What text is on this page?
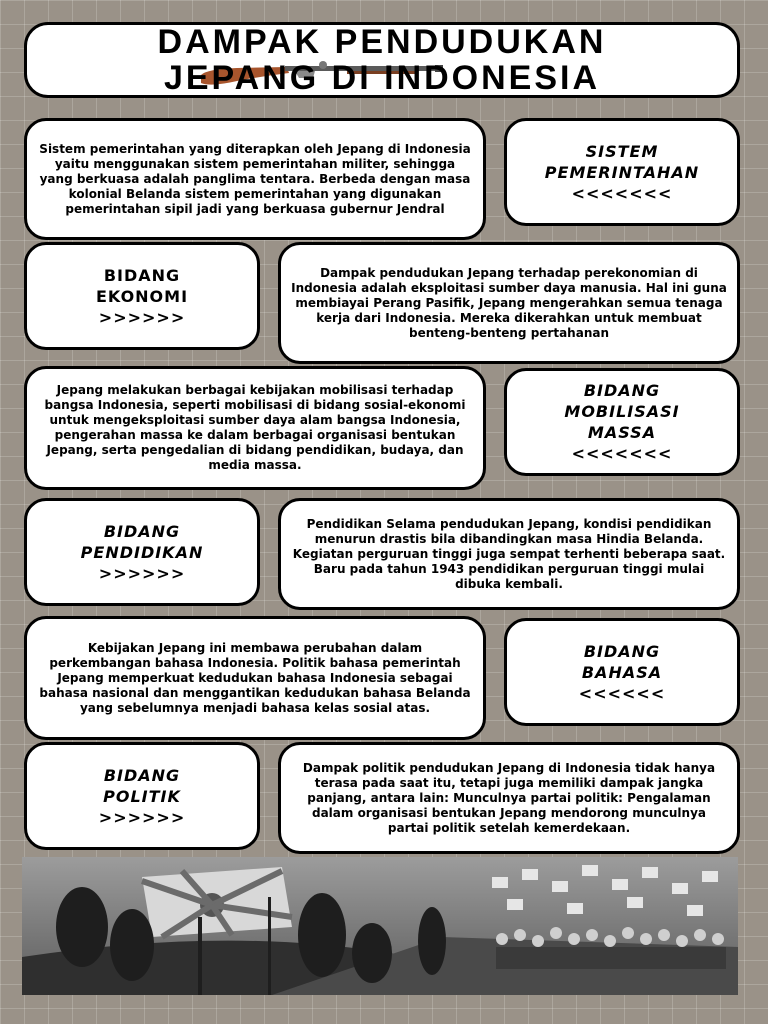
DAMPAK PENDUDUKAN
JEPANG DI INDONESIA
Sistem pemerintahan yang diterapkan oleh Jepang di Indonesia yaitu menggunakan sistem pemerintahan militer, sehingga yang berkuasa adalah panglima tentara. Berbeda dengan masa kolonial Belanda sistem pemerintahan yang digunakan pemerintahan sipil jadi yang berkuasa gubernur Jendral
SISTEM
PEMERINTAHAN
<<<<<<<
BIDANG
EKONOMI
>>>>>>
Dampak pendudukan Jepang terhadap perekonomian di Indonesia adalah eksploitasi sumber daya manusia. Hal ini guna membiayai Perang Pasifik, Jepang mengerahkan semua tenaga kerja dari Indonesia. Mereka dikerahkan untuk membuat benteng-benteng pertahanan
Jepang melakukan berbagai kebijakan mobilisasi terhadap bangsa Indonesia, seperti mobilisasi di bidang sosial-ekonomi untuk mengeksploitasi sumber daya alam bangsa Indonesia, pengerahan massa ke dalam berbagai organisasi bentukan Jepang, serta pengedalian di bidang pendidikan, budaya, dan media massa.
BIDANG
MOBILISASI
MASSA
<<<<<<<
BIDANG
PENDIDIKAN
>>>>>>
Pendidikan Selama pendudukan Jepang, kondisi pendidikan menurun drastis bila dibandingkan masa Hindia Belanda. Kegiatan perguruan tinggi juga sempat terhenti beberapa saat. Baru pada tahun 1943 pendidikan perguruan tinggi mulai dibuka kembali.
Kebijakan Jepang ini membawa perubahan dalam perkembangan bahasa Indonesia. Politik bahasa pemerintah Jepang memperkuat kedudukan bahasa Indonesia sebagai bahasa nasional dan menggantikan kedudukan bahasa Belanda yang sebelumnya menjadi bahasa kelas sosial atas.
BIDANG
BAHASA
<<<<<<
BIDANG
POLITIK
>>>>>>
Dampak politik pendudukan Jepang di Indonesia tidak hanya terasa pada saat itu, tetapi juga memiliki dampak jangka panjang, antara lain: Munculnya partai politik: Pengalaman dalam organisasi bentukan Jepang mendorong munculnya partai politik setelah kemerdekaan.
